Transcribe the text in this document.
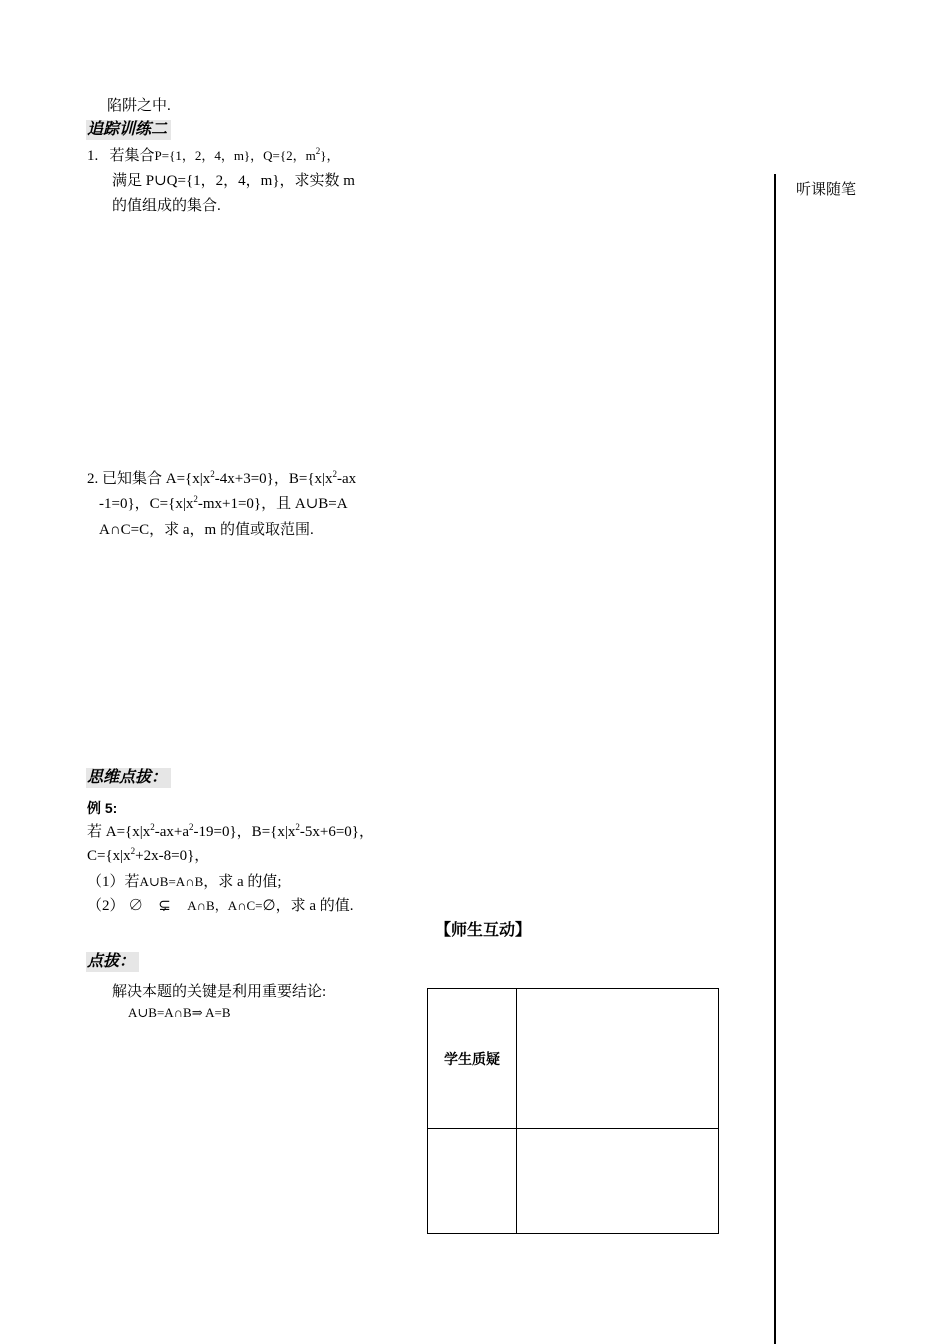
听课随笔
陷阱之中.
追踪训练二
1. 若集合P={1，2，4，m}，Q={2，$m^2$}，
满足 P∪Q={1，2，4，m}，求实数 m
的值组成的集合.
2. 已知集合 $A=\{x|x^2-4x+3=0\}$，$B=\{x|x^2-ax$
-1=0}，$C=\{x|x^2-mx+1=0\}$，且 A∪B=A
A∩C=C，求 a，m 的值或取范围.
思维点拔：
例 5:
若 $A=\{x|x^2-ax+a^2-19=0\}$，$B=\{x|x^2-5x+6=0\}$，
$C=\{x|x^2+2x-8=0\}$，
（1）若A∪B=A∩B，求 a 的值;
（2） ∅ ⊊ A∩B，A∩C=∅，求 a 的值.
【师生互动】
点拔：
解决本题的关键是利用重要结论:
A∪B=A∩B⇒ A=B
学生质疑	
